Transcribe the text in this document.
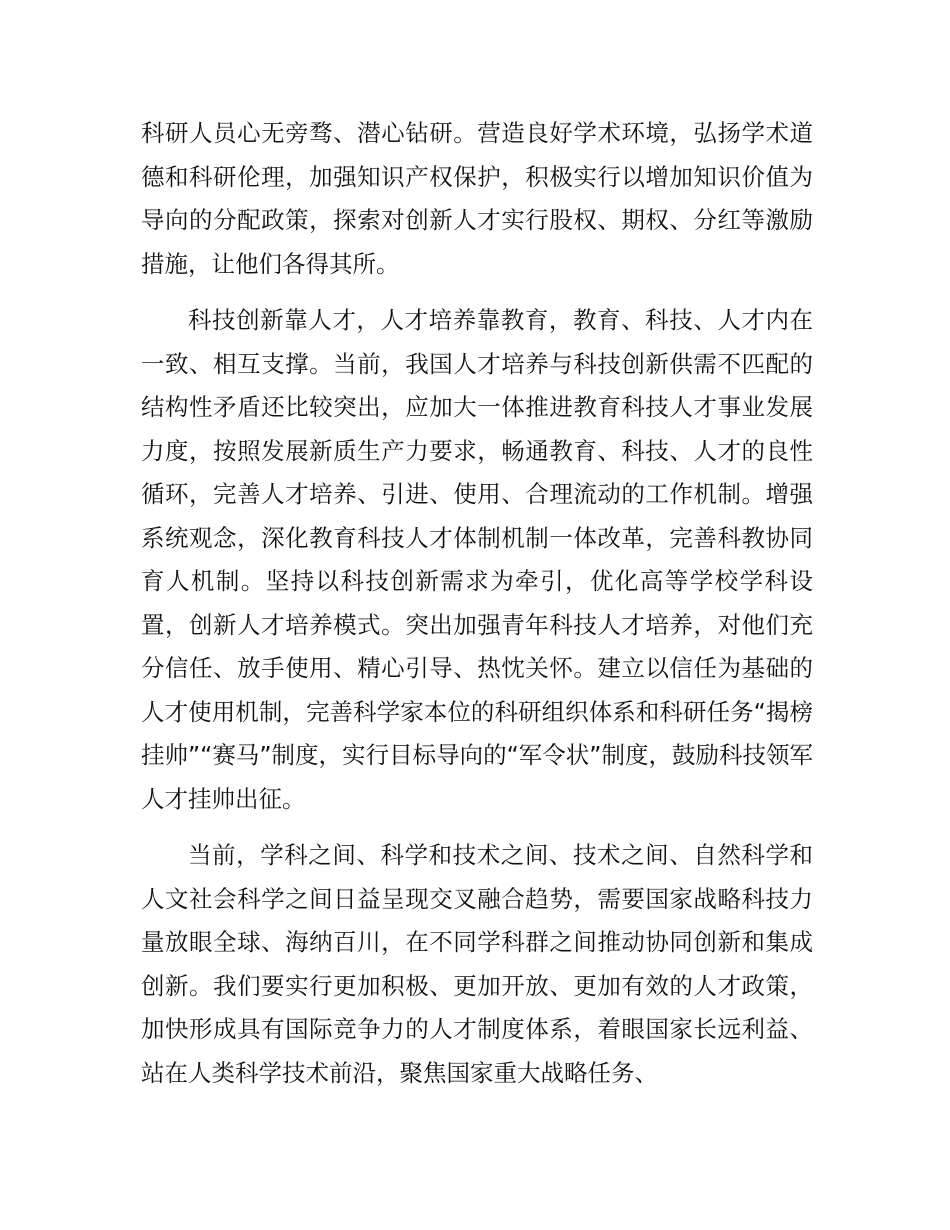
科研人员心无旁骛、潜心钻研。营造良好学术环境，弘扬学术道德和科研伦理，加强知识产权保护，积极实行以增加知识价值为导向的分配政策，探索对创新人才实行股权、期权、分红等激励措施，让他们各得其所。

科技创新靠人才，人才培养靠教育，教育、科技、人才内在一致、相互支撑。当前，我国人才培养与科技创新供需不匹配的结构性矛盾还比较突出，应加大一体推进教育科技人才事业发展力度，按照发展新质生产力要求，畅通教育、科技、人才的良性循环，完善人才培养、引进、使用、合理流动的工作机制。增强系统观念，深化教育科技人才体制机制一体改革，完善科教协同育人机制。坚持以科技创新需求为牵引，优化高等学校学科设置，创新人才培养模式。突出加强青年科技人才培养，对他们充分信任、放手使用、精心引导、热忱关怀。建立以信任为基础的人才使用机制，完善科学家本位的科研组织体系和科研任务“揭榜挂帅”“赛马”制度，实行目标导向的“军令状”制度，鼓励科技领军人才挂帅出征。

当前，学科之间、科学和技术之间、技术之间、自然科学和人文社会科学之间日益呈现交叉融合趋势，需要国家战略科技力量放眼全球、海纳百川，在不同学科群之间推动协同创新和集成创新。我们要实行更加积极、更加开放、更加有效的人才政策，加快形成具有国际竞争力的人才制度体系，着眼国家长远利益、站在人类科学技术前沿，聚焦国家重大战略任务、
